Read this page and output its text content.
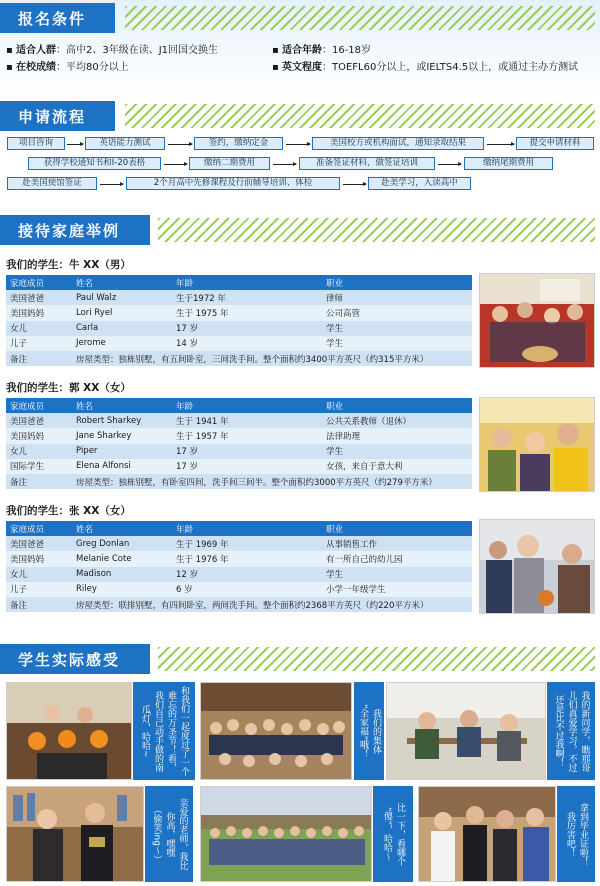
报名条件
▪ 适合人群：高中2、3年级在读、J1回国交换生	▪ 适合年龄：16-18岁
▪ 在校成绩：平均80分以上	▪ 英文程度：TOEFL60分以上，或IELTS4.5以上，或通过主办方测试
申请流程
项目咨询	英语能力测试	签约，缴纳定金	美国校方或机构面试，通知录取结果	提交申请材料
获得学校通知书和I-20表格	缴纳二期费用	准备签证材料，做签证培训	缴纳尾期费用
赴美国使馆签证	2个月高中先修课程及行前辅导培训、体检	赴美学习，入读高中
接待家庭举例
我们的学生：牛 XX（男）
家庭成员	姓名	年龄	职业
美国爸爸	Paul Walz	生于1972 年	律师
美国妈妈	Lori Ryel	生于 1975 年	公司高管
女儿	Carla	17 岁	学生
儿子	Jerome	14 岁	学生
备注	房屋类型：独栋别墅，有五间卧室，三间洗手间。整个面积约3400平方英尺（约315平方米）		
我们的学生：郭 XX（女）
家庭成员	姓名	年龄	职业
美国爸爸	Robert Sharkey	生于 1941 年	公共关系教师（退休）
美国妈妈	Jane Sharkey	生于 1957 年	法律助理
女儿	Piper	17 岁	学生
国际学生	Elena Alfonsi	17 岁	女孩，来自于意大利
备注	房屋类型：独栋别墅，有卧室四间，洗手间三间半。整个面积约3000平方英尺（约279平方米）		
我们的学生：张 XX（女）
家庭成员	姓名	年龄	职业
美国爸爸	Greg Donlan	生于 1969 年	从事销售工作
美国妈妈	Melanie Cote	生于 1976 年	有一所自己的幼儿园
女儿	Madison	12 岁	学生
儿子	Riley	6 岁	小学一年级学生
备注	房屋类型：联排别墅，有四间卧室，两间洗手间。整个面积约2368平方英尺（约220平方米）		
学生实际感受
和我们一起度过了一个
难忘的万圣节！看，
我们自己动手做的南
瓜灯，哈哈~	我们的集体
“全家福”哦！	我的新同学，瞧那哥
儿们真爱学习，不过
还是比不过我啊！
亲爱的老师，我比
你高，嘿嘿
（偷笑ing～）	比一下，看哪个
“傻”，哈哈～	拿到毕业证啦！
我厉害吧！
